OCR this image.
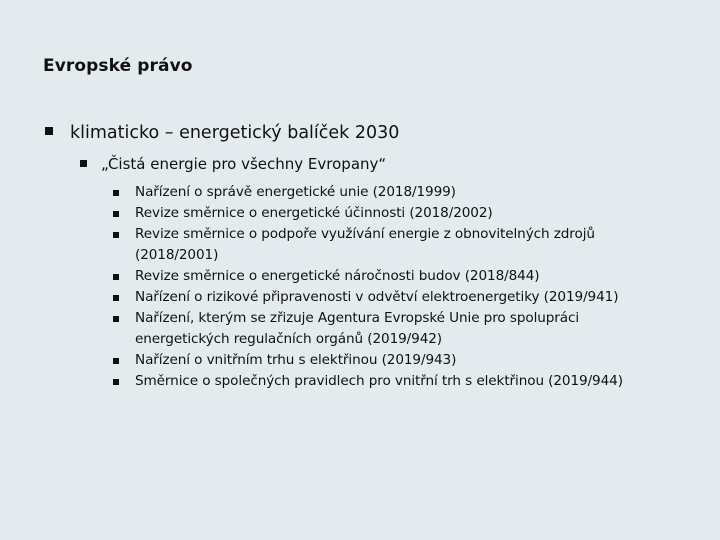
Evropské právo
klimaticko – energetický balíček 2030
„Čistá energie pro všechny Evropany“
Nařízení o správě energetické unie (2018/1999)
Revize směrnice o energetické účinnosti (2018/2002)
Revize směrnice o podpoře využívání energie z obnovitelných zdrojů
(2018/2001)
Revize směrnice o energetické náročnosti budov (2018/844)
Nařízení o rizikové připravenosti v odvětví elektroenergetiky (2019/941)
Nařízení, kterým se zřizuje Agentura Evropské Unie pro spolupráci
energetických regulačních orgánů (2019/942)
Nařízení o vnitřním trhu s elektřinou (2019/943)
Směrnice o společných pravidlech pro vnitřní trh s elektřinou (2019/944)
